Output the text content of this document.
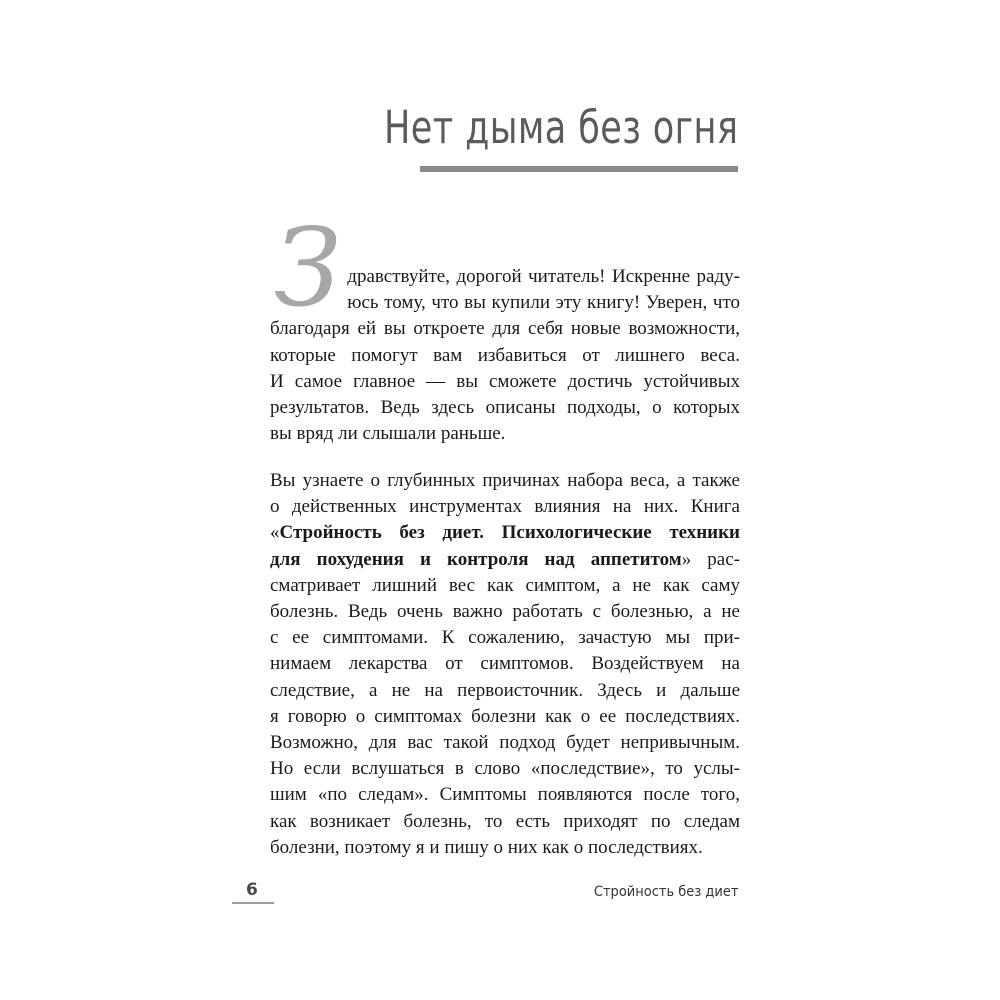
Нет дыма без огня
З дравствуйте, дорогой читатель! Искренне раду-
юсь тому, что вы купили эту книгу! Уверен, что
благодаря ей вы откроете для себя новые возможности,
которые помогут вам избавиться от лишнего веса.
И самое главное — вы сможете достичь устойчивых
результатов. Ведь здесь описаны подходы, о которых
вы вряд ли слышали раньше.
Вы узнаете о глубинных причинах набора веса, а также
о действенных инструментах влияния на них. Книга
«Стройность без диет. Психологические техники
для похудения и контроля над аппетитом» рас-
сматривает лишний вес как симптом, а не как саму
болезнь. Ведь очень важно работать с болезнью, а не
с ее симптомами. К сожалению, зачастую мы при-
нимаем лекарства от симптомов. Воздействуем на
следствие, а не на первоисточник. Здесь и дальше
я говорю о симптомах болезни как о ее последствиях.
Возможно, для вас такой подход будет непривычным.
Но если вслушаться в слово «последствие», то услы-
шим «по следам». Симптомы появляются после того,
как возникает болезнь, то есть приходят по следам
болезни, поэтому я и пишу о них как о последствиях.
6	Стройность без диет
